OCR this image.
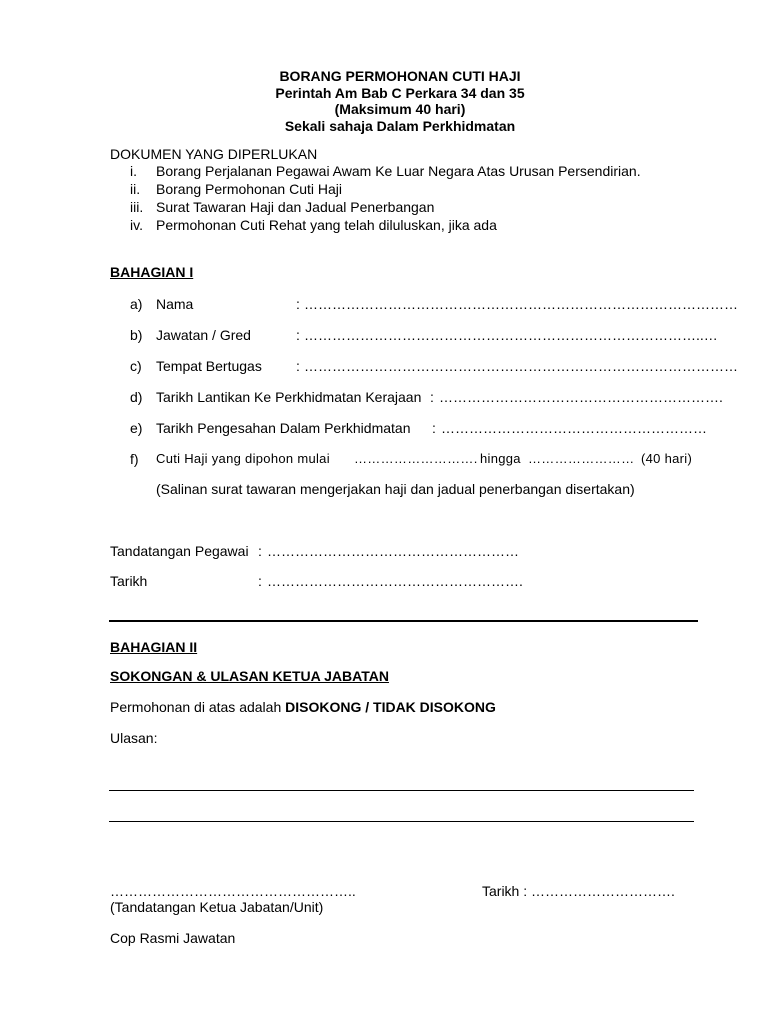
BORANG PERMOHONAN CUTI HAJI
Perintah Am Bab C Perkara 34 dan 35
(Maksimum 40 hari)
Sekali sahaja Dalam Perkhidmatan
DOKUMEN YANG DIPERLUKAN
i.	Borang Perjalanan Pegawai Awam Ke Luar Negara Atas Urusan Persendirian.
ii.	Borang Permohonan Cuti Haji
iii. Surat Tawaran Haji dan Jadual Penerbangan
iv. Permohonan Cuti Rehat yang telah diluluskan, jika ada
BAHAGIAN I
a) Nama	: …………………………………………………………………………………
b) Jawatan / Gred	: …………………………………………………………………………..…
c) Tempat Bertugas : …………………………………………………………………………………
d) Tarikh Lantikan Ke Perkhidmatan Kerajaan : …………………………………………………….
e) Tarikh Pengesahan Dalam Perkhidmatan : …………………………………………………
f) Cuti Haji yang dipohon mulai ………………………. hingga …………………… (40 hari)
(Salinan surat tawaran mengerjakan haji dan jadual penerbangan disertakan)
Tandatangan Pegawai : ………………………………………………
Tarikh	: ……………………………………………….
BAHAGIAN II
SOKONGAN & ULASAN KETUA JABATAN
Permohonan di atas adalah DISOKONG / TIDAK DISOKONG
Ulasan:
……………………………………………..	Tarikh : ………………………….
(Tandatangan Ketua Jabatan/Unit)
Cop Rasmi Jawatan
